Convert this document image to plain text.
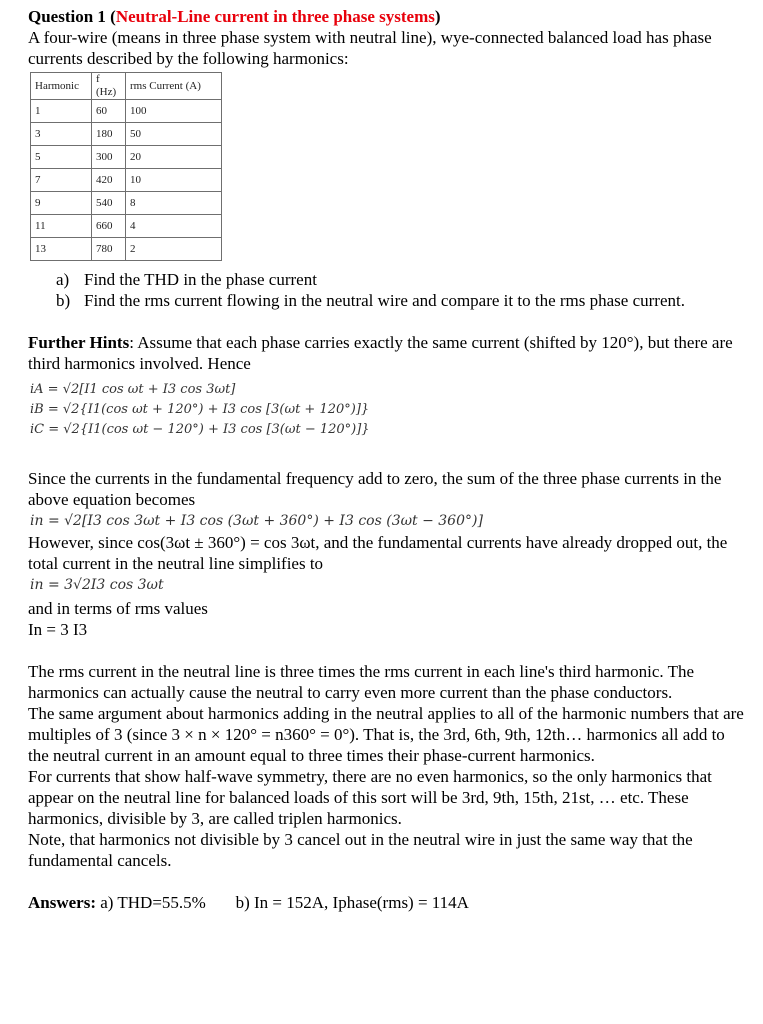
Question 1 (Neutral-Line current in three phase systems)

A four-wire (means in three phase system with neutral line), wye-connected balanced load has phase currents described by the following harmonics:

Harmonic	f (Hz)	rms Current (A)
1	60	100
3	180	50
5	300	20
7	420	10
9	540	8
11	660	4
13	780	2
a) Find the THD in the phase current
b) Find the rms current flowing in the neutral wire and compare it to the rms phase current.

Further Hints: Assume that each phase carries exactly the same current (shifted by 120°), but there are third harmonics involved. Hence

iA = √2[I1 cos ωt + I3 cos 3ωt]
iB = √2{I1(cos ωt + 120°) + I3 cos [3(ωt + 120°)]}
iC = √2{I1(cos ωt − 120°) + I3 cos [3(ωt − 120°)]}

Since the currents in the fundamental frequency add to zero, the sum of the three phase currents in the above equation becomes

in = √2[I3 cos 3ωt + I3 cos (3ωt + 360°) + I3 cos (3ωt − 360°)]

However, since cos(3ωt ± 360°) = cos 3ωt, and the fundamental currents have already dropped out, the total current in the neutral line simplifies to

in = 3√2I3 cos 3ωt

and in terms of rms values

In = 3 I3

The rms current in the neutral line is three times the rms current in each line's third harmonic. The harmonics can actually cause the neutral to carry even more current than the phase conductors.

The same argument about harmonics adding in the neutral applies to all of the harmonic numbers that are multiples of 3 (since 3 × n × 120° = n360° = 0°). That is, the 3rd, 6th, 9th, 12th… harmonics all add to the neutral current in an amount equal to three times their phase-current harmonics.

For currents that show half-wave symmetry, there are no even harmonics, so the only harmonics that appear on the neutral line for balanced loads of this sort will be 3rd, 9th, 15th, 21st, … etc. These harmonics, divisible by 3, are called triplen harmonics.

Note, that harmonics not divisible by 3 cancel out in the neutral wire in just the same way that the fundamental cancels.

Answers: a) THD=55.5% b) In = 152A, Iphase(rms) = 114A
